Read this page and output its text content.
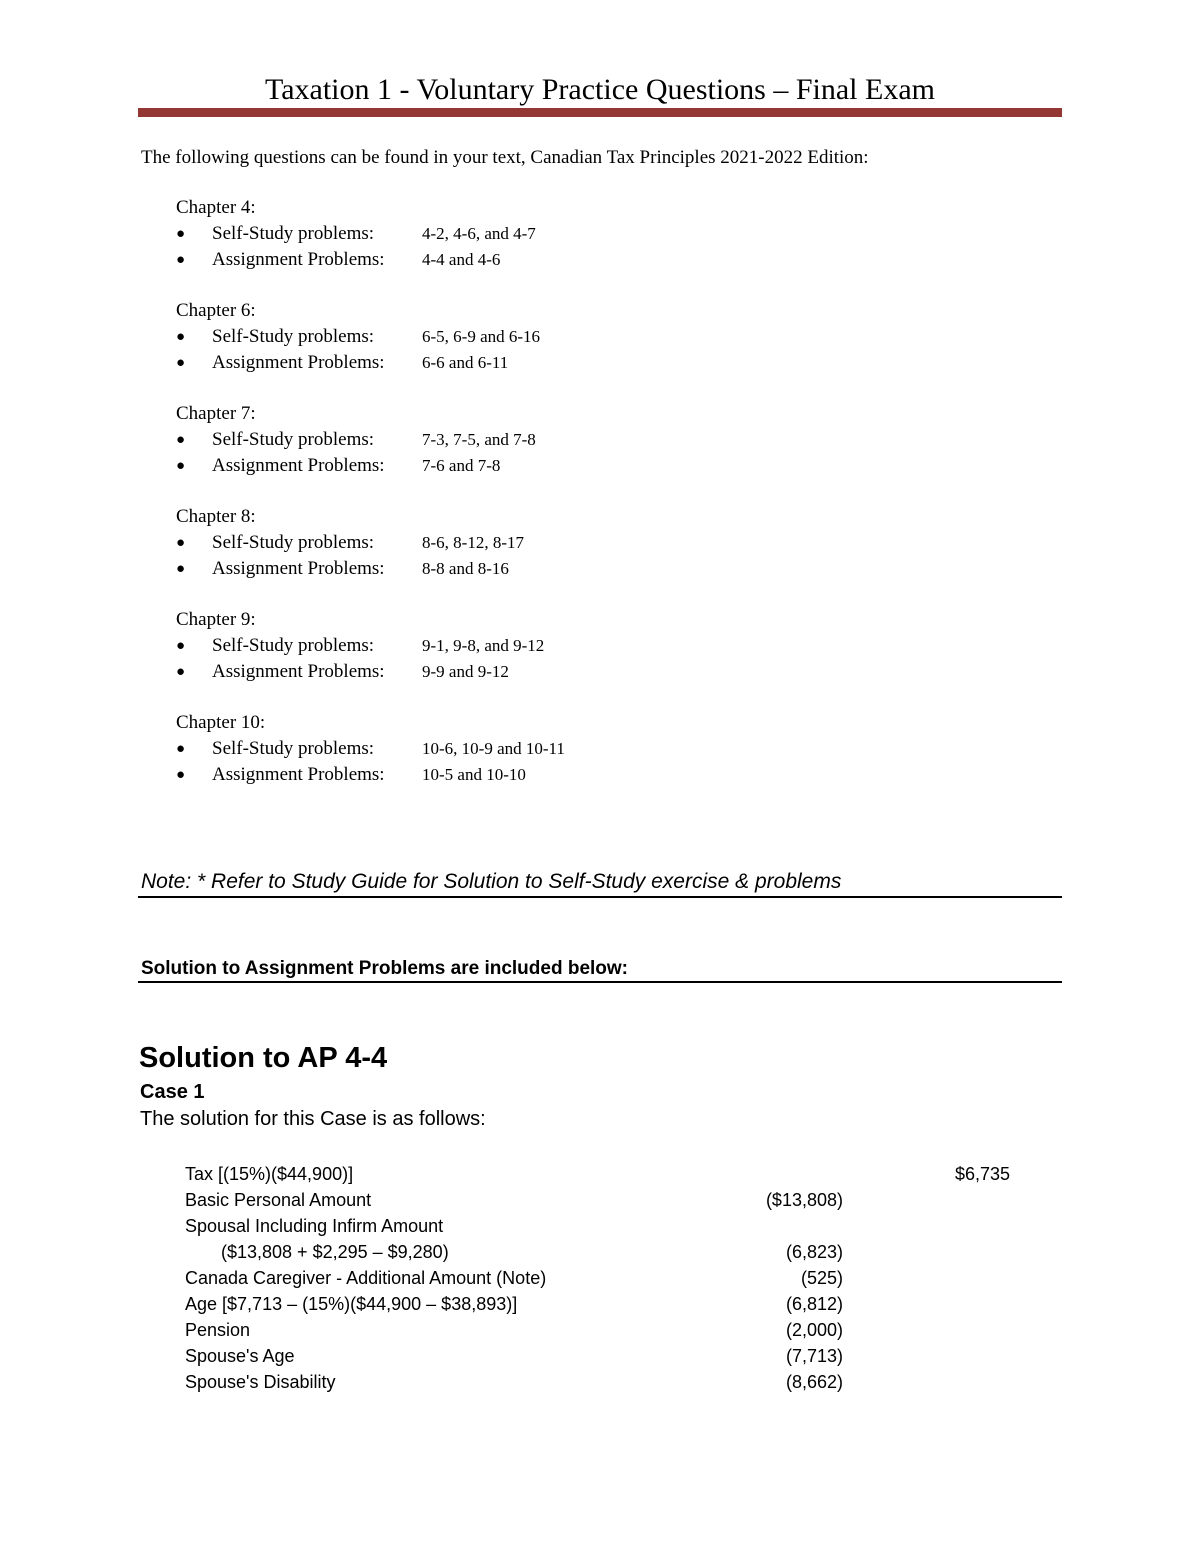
Taxation 1 - Voluntary Practice Questions – Final Exam
The following questions can be found in your text, Canadian Tax Principles 2021-2022 Edition:
Chapter 4:
●	Self-Study problems:	4-2, 4-6, and 4-7
●	Assignment Problems: 4-4 and 4-6
Chapter 6:
●	Self-Study problems:	6-5, 6-9 and 6-16
●	Assignment Problems: 6-6 and 6-11
Chapter 7:
●	Self-Study problems:	7-3, 7-5, and 7-8
●	Assignment Problems: 7-6 and 7-8
Chapter 8:
●	Self-Study problems:	8-6, 8-12, 8-17
●	Assignment Problems: 8-8 and 8-16
Chapter 9:
●	Self-Study problems:	9-1, 9-8, and 9-12
●	Assignment Problems: 9-9 and 9-12
Chapter 10:
●	Self-Study problems:	10-6, 10-9 and 10-11
●	Assignment Problems: 10-5 and 10-10
Note: * Refer to Study Guide for Solution to Self-Study exercise & problems
Solution to Assignment Problems are included below:
Solution to AP 4-4
Case 1
The solution for this Case is as follows:
Tax [(15%)($44,900)]	$6,735
Basic Personal Amount	($13,808)
Spousal Including Infirm Amount
($13,808 + $2,295 – $9,280)	(6,823)
Canada Caregiver - Additional Amount (Note)	(525)
Age [$7,713 – (15%)($44,900 – $38,893)]	(6,812)
Pension	(2,000)
Spouse's Age	(7,713)
Spouse's Disability	(8,662)
